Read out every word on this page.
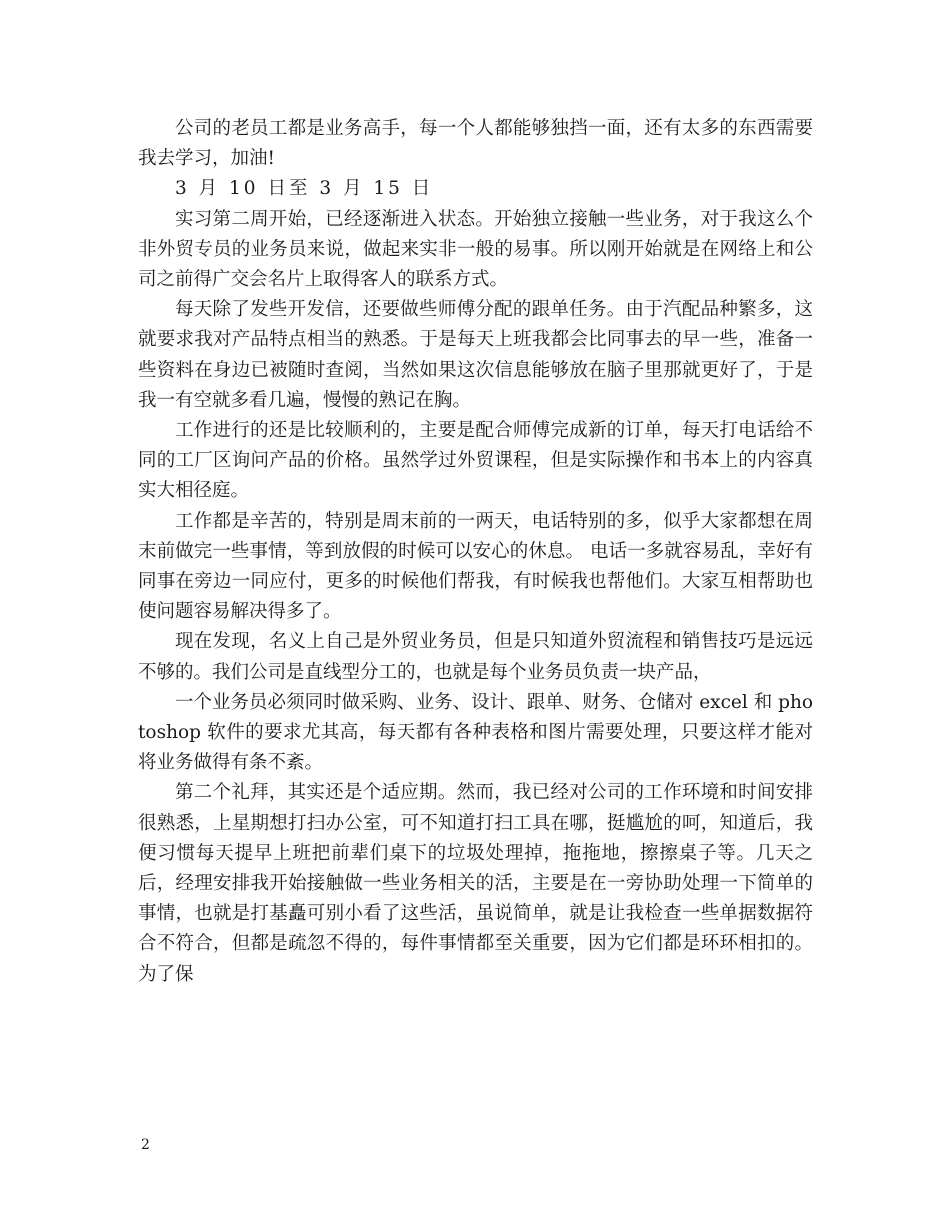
公司的老员工都是业务高手，每一个人都能够独挡一面，还有太多的东西需要我去学习，加油!

3 月 10 日至 3 月 15 日

实习第二周开始，已经逐渐进入状态。开始独立接触一些业务，对于我这么个非外贸专员的业务员来说，做起来实非一般的易事。所以刚开始就是在网络上和公司之前得广交会名片上取得客人的联系方式。

每天除了发些开发信，还要做些师傅分配的跟单任务。由于汽配品种繁多，这就要求我对产品特点相当的熟悉。于是每天上班我都会比同事去的早一些，准备一些资料在身边已被随时查阅，当然如果这次信息能够放在脑子里那就更好了，于是我一有空就多看几遍，慢慢的熟记在胸。

工作进行的还是比较顺利的，主要是配合师傅完成新的订单，每天打电话给不同的工厂区询问产品的价格。虽然学过外贸课程，但是实际操作和书本上的内容真实大相径庭。

工作都是辛苦的，特别是周末前的一两天，电话特别的多，似乎大家都想在周末前做完一些事情，等到放假的时候可以安心的休息。 电话一多就容易乱，幸好有同事在旁边一同应付，更多的时候他们帮我，有时候我也帮他们。大家互相帮助也使问题容易解决得多了。

现在发现，名义上自己是外贸业务员，但是只知道外贸流程和销售技巧是远远不够的。我们公司是直线型分工的，也就是每个业务员负责一块产品，

一个业务员必须同时做采购、业务、设计、跟单、财务、仓储对 excel 和 photoshop 软件的要求尤其高，每天都有各种表格和图片需要处理，只要这样才能对将业务做得有条不紊。

第二个礼拜，其实还是个适应期。然而，我已经对公司的工作环境和时间安排很熟悉，上星期想打扫办公室，可不知道打扫工具在哪，挺尴尬的呵，知道后，我便习惯每天提早上班把前辈们桌下的垃圾处理掉，拖拖地，擦擦桌子等。几天之后，经理安排我开始接触做一些业务相关的活，主要是在一旁协助处理一下简单的事情，也就是打基矗可别小看了这些活，虽说简单，就是让我检查一些单据数据符合不符合，但都是疏忽不得的，每件事情都至关重要，因为它们都是环环相扣的。为了保

2
